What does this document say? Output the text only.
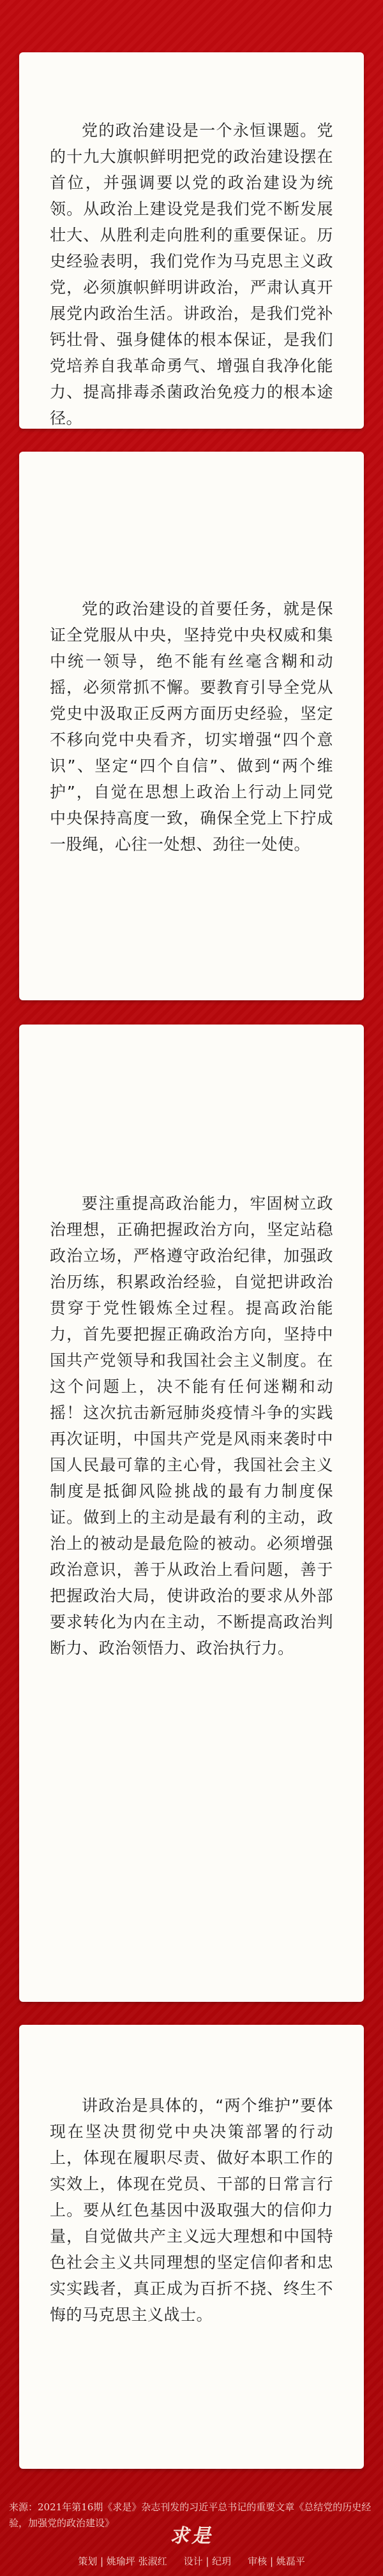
党的政治建设是一个永恒课题。党的十九大旗帜鲜明把党的政治建设摆在首位，并强调要以党的政治建设为统领。从政治上建设党是我们党不断发展壮大、从胜利走向胜利的重要保证。历史经验表明，我们党作为马克思主义政党，必须旗帜鲜明讲政治，严肃认真开展党内政治生活。讲政治，是我们党补钙壮骨、强身健体的根本保证，是我们党培养自我革命勇气、增强自我净化能力、提高排毒杀菌政治免疫力的根本途径。

党的政治建设的首要任务，就是保证全党服从中央，坚持党中央权威和集中统一领导，绝不能有丝毫含糊和动摇，必须常抓不懈。要教育引导全党从党史中汲取正反两方面历史经验，坚定不移向党中央看齐，切实增强“四个意识”、坚定“四个自信”、做到“两个维护”，自觉在思想上政治上行动上同党中央保持高度一致，确保全党上下拧成一股绳，心往一处想、劲往一处使。

要注重提高政治能力，牢固树立政治理想，正确把握政治方向，坚定站稳政治立场，严格遵守政治纪律，加强政治历练，积累政治经验，自觉把讲政治贯穿于党性锻炼全过程。提高政治能力，首先要把握正确政治方向，坚持中国共产党领导和我国社会主义制度。在这个问题上，决不能有任何迷糊和动摇！这次抗击新冠肺炎疫情斗争的实践再次证明，中国共产党是风雨来袭时中国人民最可靠的主心骨，我国社会主义制度是抵御风险挑战的最有力制度保证。做到上的主动是最有利的主动，政治上的被动是最危险的被动。必须增强政治意识，善于从政治上看问题，善于把握政治大局，使讲政治的要求从外部要求转化为内在主动，不断提高政治判断力、政治领悟力、政治执行力。

讲政治是具体的，“两个维护”要体现在坚决贯彻党中央决策部署的行动上，体现在履职尽责、做好本职工作的实效上，体现在党员、干部的日常言行上。要从红色基因中汲取强大的信仰力量，自觉做共产主义远大理想和中国特色社会主义共同理想的坚定信仰者和忠实实践者，真正成为百折不挠、终生不悔的马克思主义战士。

来源：2021年第16期《求是》杂志刊发的习近平总书记的重要文章《总结党的历史经验，加强党的政治建设》
求是
策划 | 姚瑜坪 张淑红 设计 | 纪玥 审核 | 姚磊平
